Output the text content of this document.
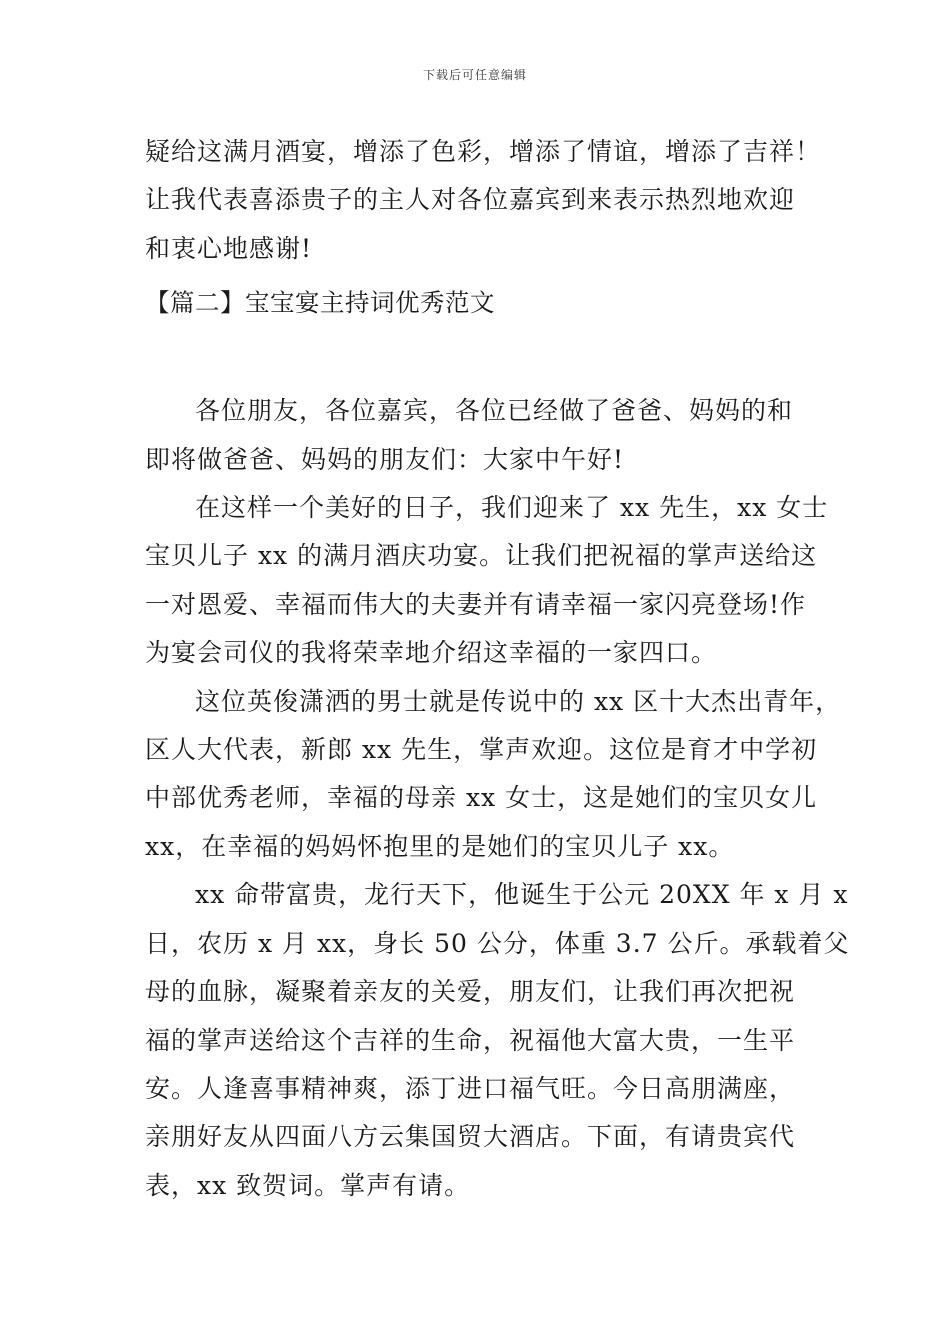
下载后可任意编辑

疑给这满月酒宴，增添了色彩，增添了情谊，增添了吉祥！

让我代表喜添贵子的主人对各位嘉宾到来表示热烈地欢迎

和衷心地感谢!

【篇二】宝宝宴主持词优秀范文

各位朋友，各位嘉宾，各位已经做了爸爸、妈妈的和

即将做爸爸、妈妈的朋友们：大家中午好!

在这样一个美好的日子，我们迎来了 xx 先生，xx 女士

宝贝儿子 xx 的满月酒庆功宴。让我们把祝福的掌声送给这

一对恩爱、幸福而伟大的夫妻并有请幸福一家闪亮登场!作

为宴会司仪的我将荣幸地介绍这幸福的一家四口。

这位英俊潇洒的男士就是传说中的 xx 区十大杰出青年，

区人大代表，新郎 xx 先生，掌声欢迎。这位是育才中学初

中部优秀老师，幸福的母亲 xx 女士，这是她们的宝贝女儿

xx，在幸福的妈妈怀抱里的是她们的宝贝儿子 xx。

xx 命带富贵，龙行天下，他诞生于公元 20XX 年 x 月 x

日，农历 x 月 xx，身长 50 公分，体重 3.7 公斤。承载着父

母的血脉，凝聚着亲友的关爱，朋友们，让我们再次把祝

福的掌声送给这个吉祥的生命，祝福他大富大贵，一生平

安。人逢喜事精神爽，添丁进口福气旺。今日高朋满座，

亲朋好友从四面八方云集国贸大酒店。下面，有请贵宾代

表，xx 致贺词。掌声有请。
